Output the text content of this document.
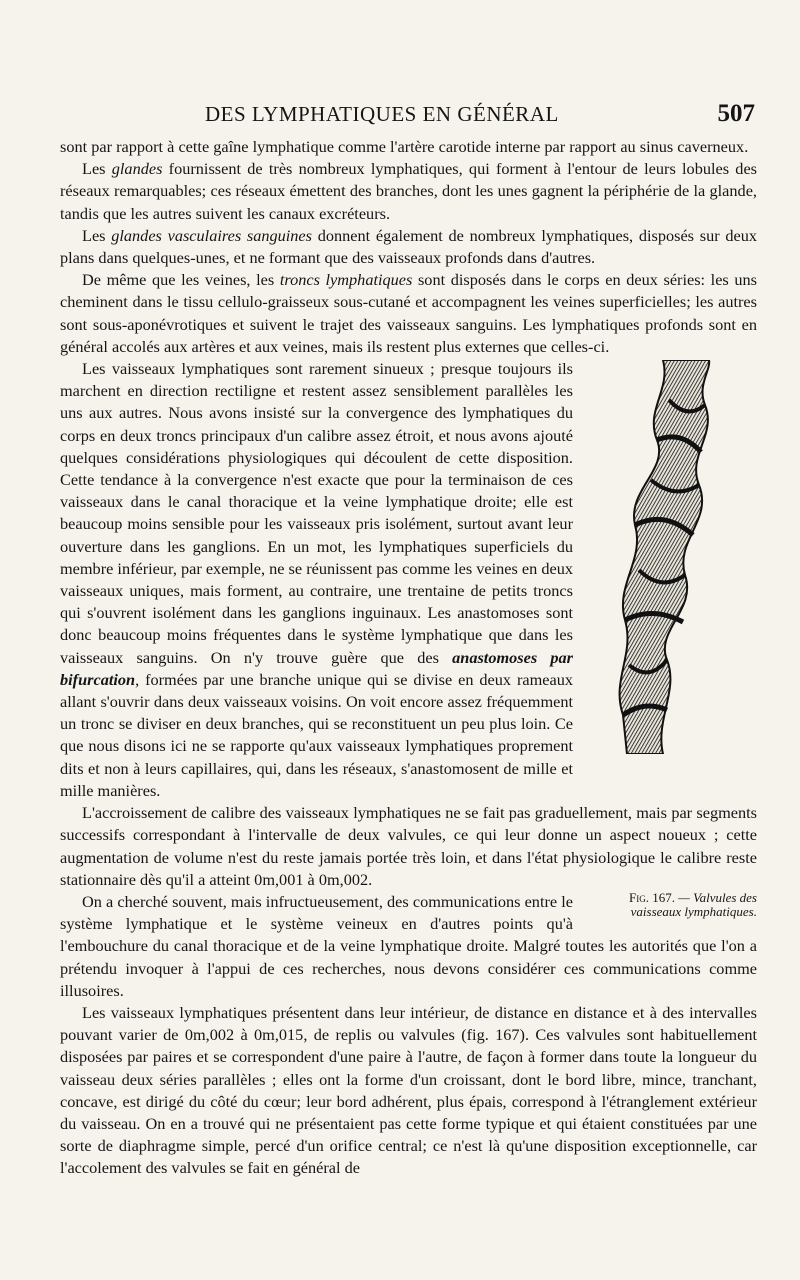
DES LYMPHATIQUES EN GÉNÉRAL	507

sont par rapport à cette gaîne lymphatique comme l'artère carotide interne par rapport au sinus caverneux.

Les glandes fournissent de très nombreux lymphatiques, qui forment à l'entour de leurs lobules des réseaux remarquables; ces réseaux émettent des branches, dont les unes gagnent la périphérie de la glande, tandis que les autres suivent les canaux excréteurs.

Les glandes vasculaires sanguines donnent également de nombreux lymphatiques, disposés sur deux plans dans quelques-unes, et ne formant que des vaisseaux profonds dans d'autres.

De même que les veines, les troncs lymphatiques sont disposés dans le corps en deux séries: les uns cheminent dans le tissu cellulo-graisseux sous-cutané et accompagnent les veines superficielles; les autres sont sous-aponévrotiques et suivent le trajet des vaisseaux sanguins. Les lymphatiques profonds sont en général accolés aux artères et aux veines, mais ils restent plus externes que celles-ci.

Les vaisseaux lymphatiques sont rarement sinueux ; presque toujours ils marchent en direction rectiligne et restent assez sensiblement parallèles les uns aux autres. Nous avons insisté sur la convergence des lymphatiques du corps en deux troncs principaux d'un calibre assez étroit, et nous avons ajouté quelques considérations physiologiques qui découlent de cette disposition. Cette tendance à la convergence n'est exacte que pour la terminaison de ces vaisseaux dans le canal thoracique et la veine lymphatique droite; elle est beaucoup moins sensible pour les vaisseaux pris isolément, surtout avant leur ouverture dans les ganglions. En un mot, les lymphatiques superficiels du membre inférieur, par exemple, ne se réunissent pas comme les veines en deux vaisseaux uniques, mais forment, au contraire, une trentaine de petits troncs qui s'ouvrent isolément dans les ganglions inguinaux. Les anastomoses sont donc beaucoup moins fréquentes dans le système lymphatique que dans les vaisseaux sanguins. On n'y trouve guère que des anastomoses par bifurcation, formées par une branche unique qui se divise en deux rameaux allant s'ouvrir dans deux vaisseaux voisins. On voit encore assez fréquemment un tronc se diviser en deux branches, qui se reconstituent un peu plus loin. Ce que nous disons ici ne se rapporte qu'aux vaisseaux lymphatiques proprement dits et non à leurs capillaires, qui, dans les réseaux, s'anastomosent de mille et mille manières.

L'accroissement de calibre des vaisseaux lymphatiques ne se fait pas graduellement, mais par segments successifs correspondant à l'intervalle de deux valvules, ce qui leur donne un aspect noueux ; cette augmentation de volume n'est du reste jamais portée très loin, et dans l'état physiologique le calibre reste stationnaire dès qu'il a atteint 0m,001 à 0m,002.

Fig. 167. — Valvules des vaisseaux lymphatiques.
On a cherché souvent, mais infructueusement, des communications entre le système lymphatique et le système veineux en d'autres points qu'à l'embouchure du canal thoracique et de la veine lymphatique droite. Malgré toutes les autorités que l'on a prétendu invoquer à l'appui de ces recherches, nous devons considérer ces communications comme illusoires.

Les vaisseaux lymphatiques présentent dans leur intérieur, de distance en distance et à des intervalles pouvant varier de 0m,002 à 0m,015, de replis ou valvules (fig. 167). Ces valvules sont habituellement disposées par paires et se correspondent d'une paire à l'autre, de façon à former dans toute la longueur du vaisseau deux séries parallèles ; elles ont la forme d'un croissant, dont le bord libre, mince, tranchant, concave, est dirigé du côté du cœur; leur bord adhérent, plus épais, correspond à l'étranglement extérieur du vaisseau. On en a trouvé qui ne présentaient pas cette forme typique et qui étaient constituées par une sorte de diaphragme simple, percé d'un orifice central; ce n'est là qu'une disposition exceptionnelle, car l'accolement des valvules se fait en général de
